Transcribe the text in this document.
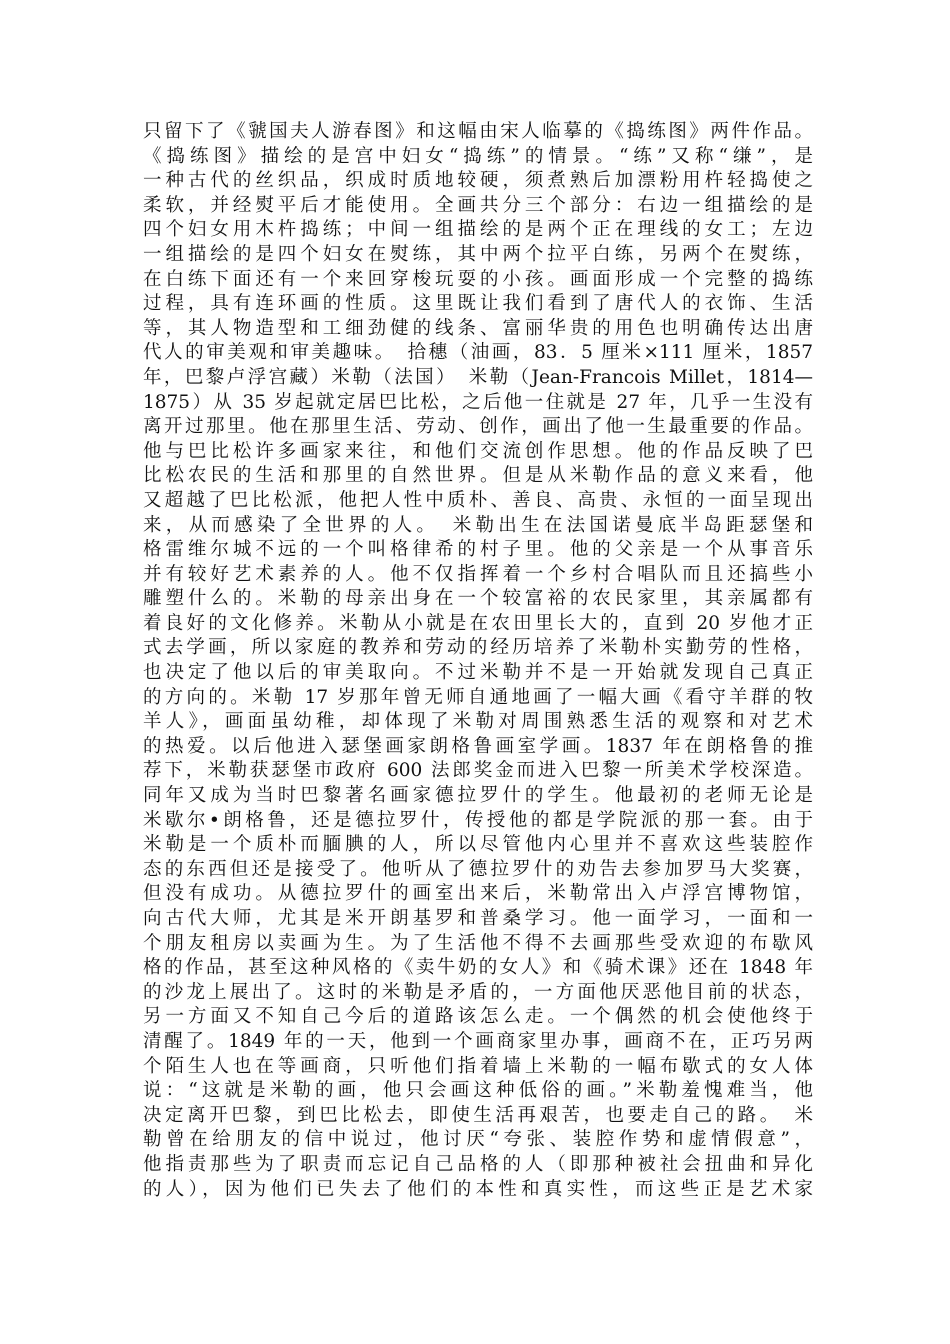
只留下了《虢国夫人游春图》和这幅由宋人临摹的《捣练图》两件作品。
《捣练图》描绘的是宫中妇女“捣练”的情景。“练”又称“缣”，是
一种古代的丝织品，织成时质地较硬，须煮熟后加漂粉用杵轻捣使之
柔软，并经熨平后才能使用。全画共分三个部分：右边一组描绘的是
四个妇女用木杵捣练；中间一组描绘的是两个正在理线的女工；左边
一组描绘的是四个妇女在熨练，其中两个拉平白练，另两个在熨练，
在白练下面还有一个来回穿梭玩耍的小孩。画面形成一个完整的捣练
过程，具有连环画的性质。这里既让我们看到了唐代人的衣饰、生活
等，其人物造型和工细劲健的线条、富丽华贵的用色也明确传达出唐
代人的审美观和审美趣味。　拾穗（油画，83．5 厘米×111 厘米，1857
年，巴黎卢浮宫藏）米勒（法国）　米勒（Jean-Francois Millet，1814—
1875）从 35 岁起就定居巴比松，之后他一住就是 27 年，几乎一生没有
离开过那里。他在那里生活、劳动、创作，画出了他一生最重要的作品。
他与巴比松许多画家来往，和他们交流创作思想。他的作品反映了巴
比松农民的生活和那里的自然世界。但是从米勒作品的意义来看，他
又超越了巴比松派，他把人性中质朴、善良、高贵、永恒的一面呈现出
来，从而感染了全世界的人。　米勒出生在法国诺曼底半岛距瑟堡和
格雷维尔城不远的一个叫格律希的村子里。他的父亲是一个从事音乐
并有较好艺术素养的人。他不仅指挥着一个乡村合唱队而且还搞些小
雕塑什么的。米勒的母亲出身在一个较富裕的农民家里，其亲属都有
着良好的文化修养。米勒从小就是在农田里长大的，直到 20 岁他才正
式去学画，所以家庭的教养和劳动的经历培养了米勒朴实勤劳的性格，
也决定了他以后的审美取向。不过米勒并不是一开始就发现自己真正
的方向的。米勒 17 岁那年曾无师自通地画了一幅大画《看守羊群的牧
羊人》，画面虽幼稚，却体现了米勒对周围熟悉生活的观察和对艺术
的热爱。以后他进入瑟堡画家朗格鲁画室学画。1837 年在朗格鲁的推
荐下，米勒获瑟堡市政府 600 法郎奖金而进入巴黎一所美术学校深造。
同年又成为当时巴黎著名画家德拉罗什的学生。他最初的老师无论是
米歇尔•朗格鲁，还是德拉罗什，传授他的都是学院派的那一套。由于
米勒是一个质朴而腼腆的人，所以尽管他内心里并不喜欢这些装腔作
态的东西但还是接受了。他听从了德拉罗什的劝告去参加罗马大奖赛，
但没有成功。从德拉罗什的画室出来后，米勒常出入卢浮宫博物馆，
向古代大师，尤其是米开朗基罗和普桑学习。他一面学习，一面和一
个朋友租房以卖画为生。为了生活他不得不去画那些受欢迎的布歇风
格的作品，甚至这种风格的《卖牛奶的女人》和《骑术课》还在 1848 年
的沙龙上展出了。这时的米勒是矛盾的，一方面他厌恶他目前的状态，
另一方面又不知自己今后的道路该怎么走。一个偶然的机会使他终于
清醒了。1849 年的一天，他到一个画商家里办事，画商不在，正巧另两
个陌生人也在等画商，只听他们指着墙上米勒的一幅布歇式的女人体
说：“这就是米勒的画，他只会画这种低俗的画。”米勒羞愧难当，他
决定离开巴黎，到巴比松去，即使生活再艰苦，也要走自己的路。　米
勒曾在给朋友的信中说过，他讨厌“夸张、装腔作势和虚情假意”，
他指责那些为了职责而忘记自己品格的人（即那种被社会扭曲和异化
的人），因为他们已失去了他们的本性和真实性，而这些正是艺术家
